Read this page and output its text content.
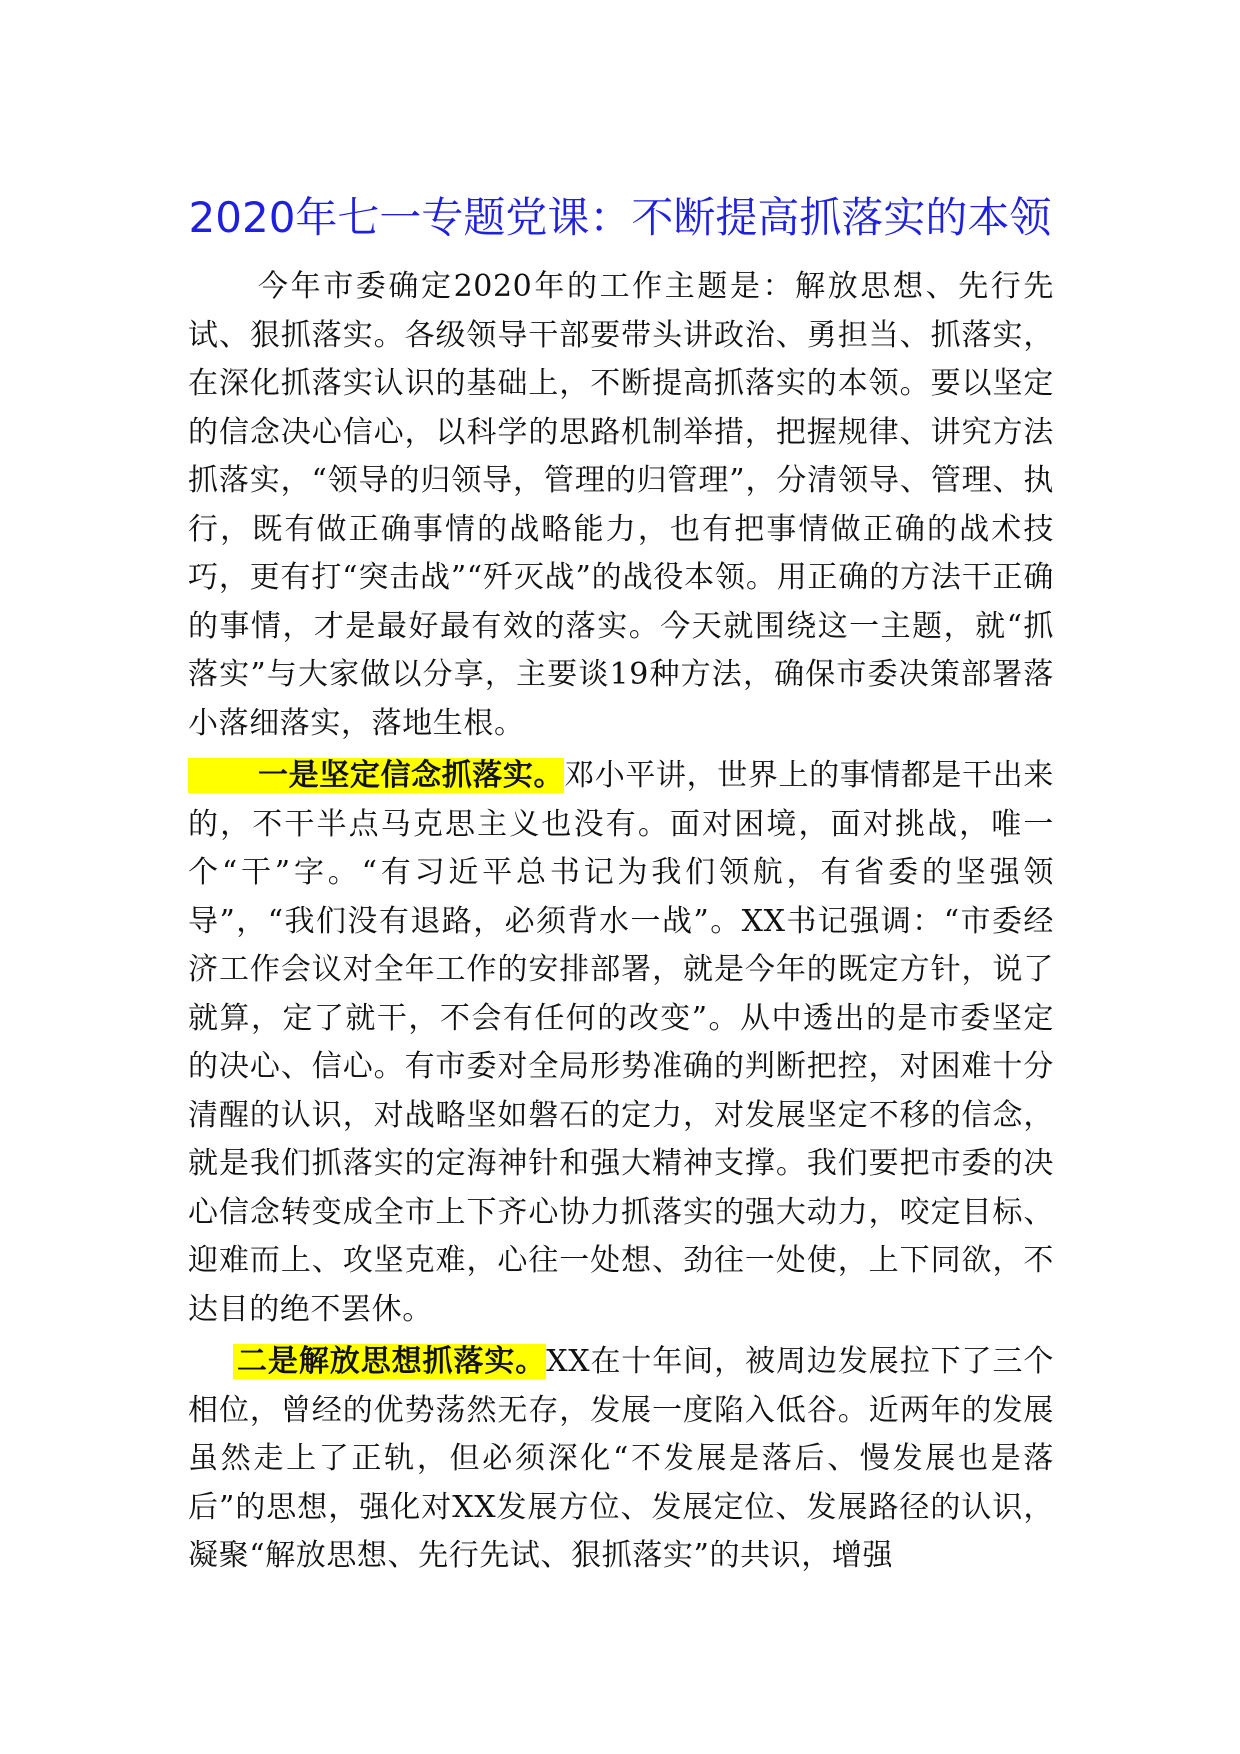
2020年七一专题党课：不断提高抓落实的本领

今年市委确定2020年的工作主题是：解放思想、先行先试、狠抓落实。各级领导干部要带头讲政治、勇担当、抓落实，在深化抓落实认识的基础上，不断提高抓落实的本领。要以坚定的信念决心信心，以科学的思路机制举措，把握规律、讲究方法抓落实，“领导的归领导，管理的归管理”，分清领导、管理、执行，既有做正确事情的战略能力，也有把事情做正确的战术技巧，更有打“突击战”“歼灭战”的战役本领。用正确的方法干正确的事情，才是最好最有效的落实。今天就围绕这一主题，就“抓落实”与大家做以分享，主要谈19种方法，确保市委决策部署落小落细落实，落地生根。

一是坚定信念抓落实。邓小平讲，世界上的事情都是干出来的，不干半点马克思主义也没有。面对困境，面对挑战，唯一个“干”字。“有习近平总书记为我们领航，有省委的坚强领导”，“我们没有退路，必须背水一战”。XX书记强调：“市委经济工作会议对全年工作的安排部署，就是今年的既定方针，说了就算，定了就干，不会有任何的改变”。从中透出的是市委坚定的决心、信心。有市委对全局形势准确的判断把控，对困难十分清醒的认识，对战略坚如磐石的定力，对发展坚定不移的信念，就是我们抓落实的定海神针和强大精神支撑。我们要把市委的决心信念转变成全市上下齐心协力抓落实的强大动力，咬定目标、迎难而上、攻坚克难，心往一处想、劲往一处使，上下同欲，不达目的绝不罢休。

二是解放思想抓落实。XX在十年间，被周边发展拉下了三个相位，曾经的优势荡然无存，发展一度陷入低谷。近两年的发展虽然走上了正轨，但必须深化“不发展是落后、慢发展也是落后”的思想，强化对XX发展方位、发展定位、发展路径的认识，凝聚“解放思想、先行先试、狠抓落实”的共识，增强
